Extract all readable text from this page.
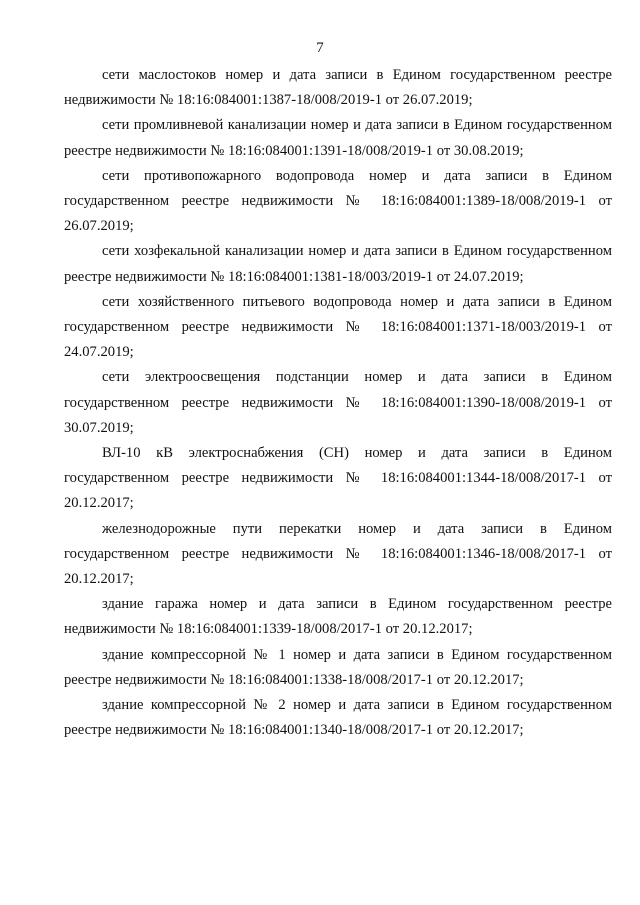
7

сети маслостоков номер и дата записи в Едином государственном реестре недвижимости № 18:16:084001:1387-18/008/2019-1 от 26.07.2019;

сети промливневой канализации номер и дата записи в Едином государственном реестре недвижимости № 18:16:084001:1391-18/008/2019-1 от 30.08.2019;

сети противопожарного водопровода номер и дата записи в Едином государственном реестре недвижимости № 18:16:084001:1389-18/008/2019-1 от 26.07.2019;

сети хозфекальной канализации номер и дата записи в Едином государственном реестре недвижимости № 18:16:084001:1381-18/003/2019-1 от 24.07.2019;

сети хозяйственного питьевого водопровода номер и дата записи в Едином государственном реестре недвижимости № 18:16:084001:1371-18/003/2019-1 от 24.07.2019;

сети электроосвещения подстанции номер и дата записи в Едином государственном реестре недвижимости № 18:16:084001:1390-18/008/2019-1 от 30.07.2019;

ВЛ-10 кВ электроснабжения (СН) номер и дата записи в Едином государственном реестре недвижимости № 18:16:084001:1344-18/008/2017-1 от 20.12.2017;

железнодорожные пути перекатки номер и дата записи в Едином государственном реестре недвижимости № 18:16:084001:1346-18/008/2017-1 от 20.12.2017;

здание гаража номер и дата записи в Едином государственном реестре недвижимости № 18:16:084001:1339-18/008/2017-1 от 20.12.2017;

здание компрессорной № 1 номер и дата записи в Едином государственном реестре недвижимости № 18:16:084001:1338-18/008/2017-1 от 20.12.2017;

здание компрессорной № 2 номер и дата записи в Едином государственном реестре недвижимости № 18:16:084001:1340-18/008/2017-1 от 20.12.2017;
